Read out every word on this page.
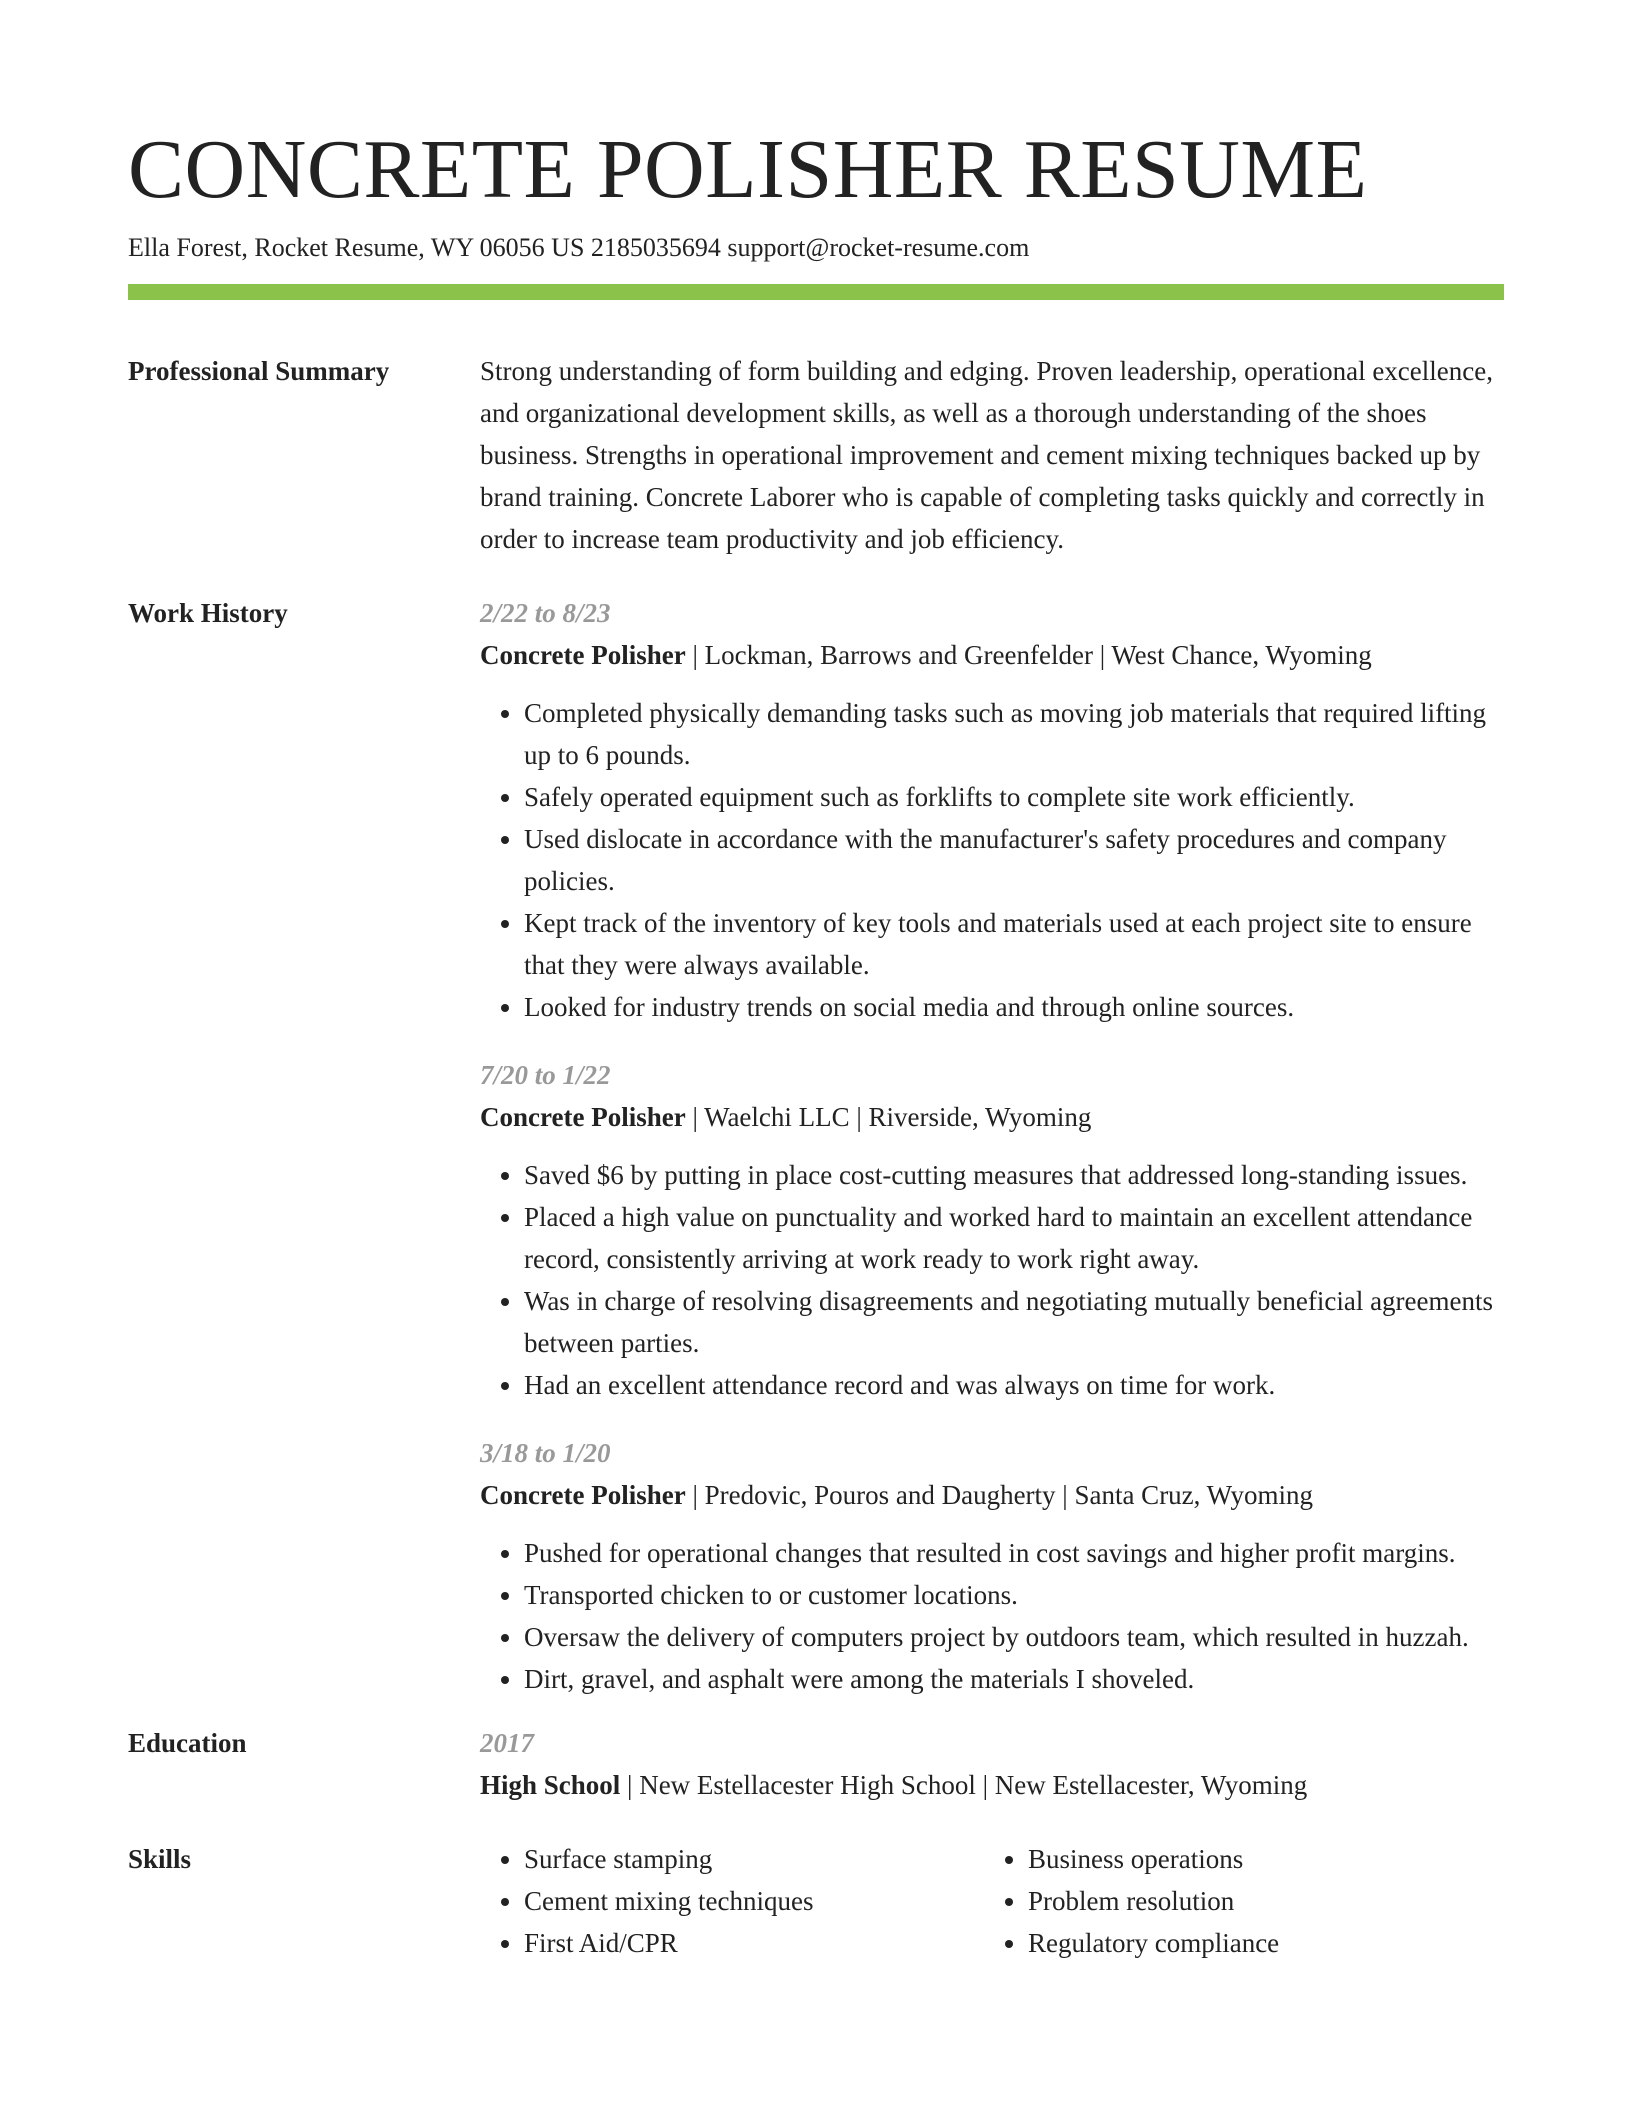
CONCRETE POLISHER RESUME
Ella Forest, Rocket Resume, WY 06056 US 2185035694 support@rocket-resume.com
Professional Summary	Strong understanding of form building and edging. Proven leadership, operational excellence, and organizational development skills, as well as a thorough understanding of the shoes business. Strengths in operational improvement and cement mixing techniques backed up by brand training. Concrete Laborer who is capable of completing tasks quickly and correctly in order to increase team productivity and job efficiency.
Work History	2/22 to 8/23
Concrete Polisher | Lockman, Barrows and Greenfelder | West Chance, Wyoming
• Completed physically demanding tasks such as moving job materials that required lifting up to 6 pounds.
• Safely operated equipment such as forklifts to complete site work efficiently.
• Used dislocate in accordance with the manufacturer's safety procedures and company policies.
• Kept track of the inventory of key tools and materials used at each project site to ensure that they were always available.
• Looked for industry trends on social media and through online sources.
7/20 to 1/22
Concrete Polisher | Waelchi LLC | Riverside, Wyoming
• Saved $6 by putting in place cost-cutting measures that addressed long-standing issues.
• Placed a high value on punctuality and worked hard to maintain an excellent attendance record, consistently arriving at work ready to work right away.
• Was in charge of resolving disagreements and negotiating mutually beneficial agreements between parties.
• Had an excellent attendance record and was always on time for work.
3/18 to 1/20
Concrete Polisher | Predovic, Pouros and Daugherty | Santa Cruz, Wyoming
• Pushed for operational changes that resulted in cost savings and higher profit margins.
• Transported chicken to or customer locations.
• Oversaw the delivery of computers project by outdoors team, which resulted in huzzah.
• Dirt, gravel, and asphalt were among the materials I shoveled.
Education	2017
High School | New Estellacester High School | New Estellacester, Wyoming
Skills
•	Surface stamping
• Cement mixing techniques
• First Aid/CPR
• Business operations
• Problem resolution
• Regulatory compliance
